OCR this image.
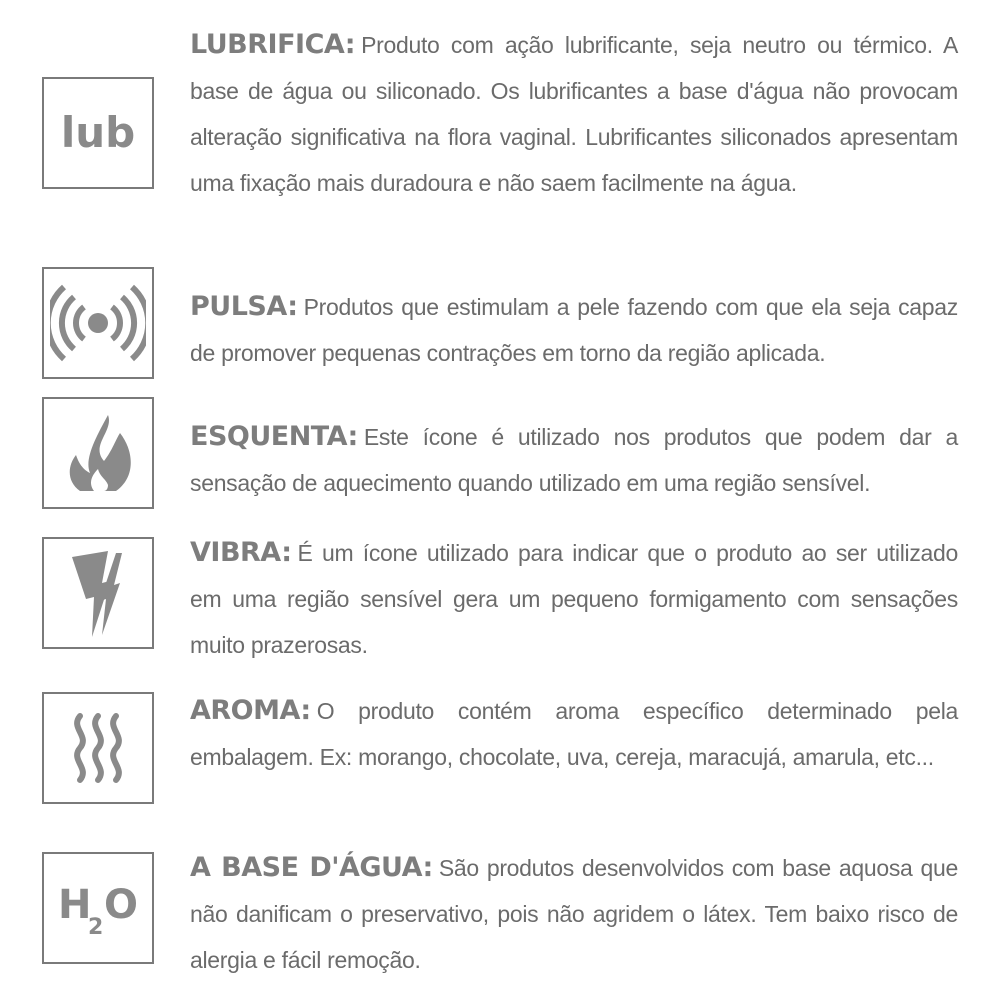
lub
LUBRIFICA: Produto com ação lubrificante, seja neutro ou térmico. A base de água ou siliconado. Os lubrificantes a base d'água não provocam alteração significativa na flora vaginal. Lubrificantes siliconados apresentam uma fixação mais duradoura e não saem facilmente na água.
PULSA: Produtos que estimulam a pele fazendo com que ela seja capaz de promover pequenas contrações em torno da região aplicada.
ESQUENTA: Este ícone é utilizado nos produtos que podem dar a sensação de aquecimento quando utilizado em uma região sensível.
VIBRA: É um ícone utilizado para indicar que o produto ao ser utilizado em uma região sensível gera um pequeno formigamento com sensações muito prazerosas.
AROMA: O produto contém aroma específico determinado pela embalagem. Ex: morango, chocolate, uva, cereja, maracujá, amarula, etc...
H
2 O
A BASE D'ÁGUA: São produtos desenvolvidos com base aquosa que não danificam o preservativo, pois não agridem o látex. Tem baixo risco de alergia e fácil remoção.
